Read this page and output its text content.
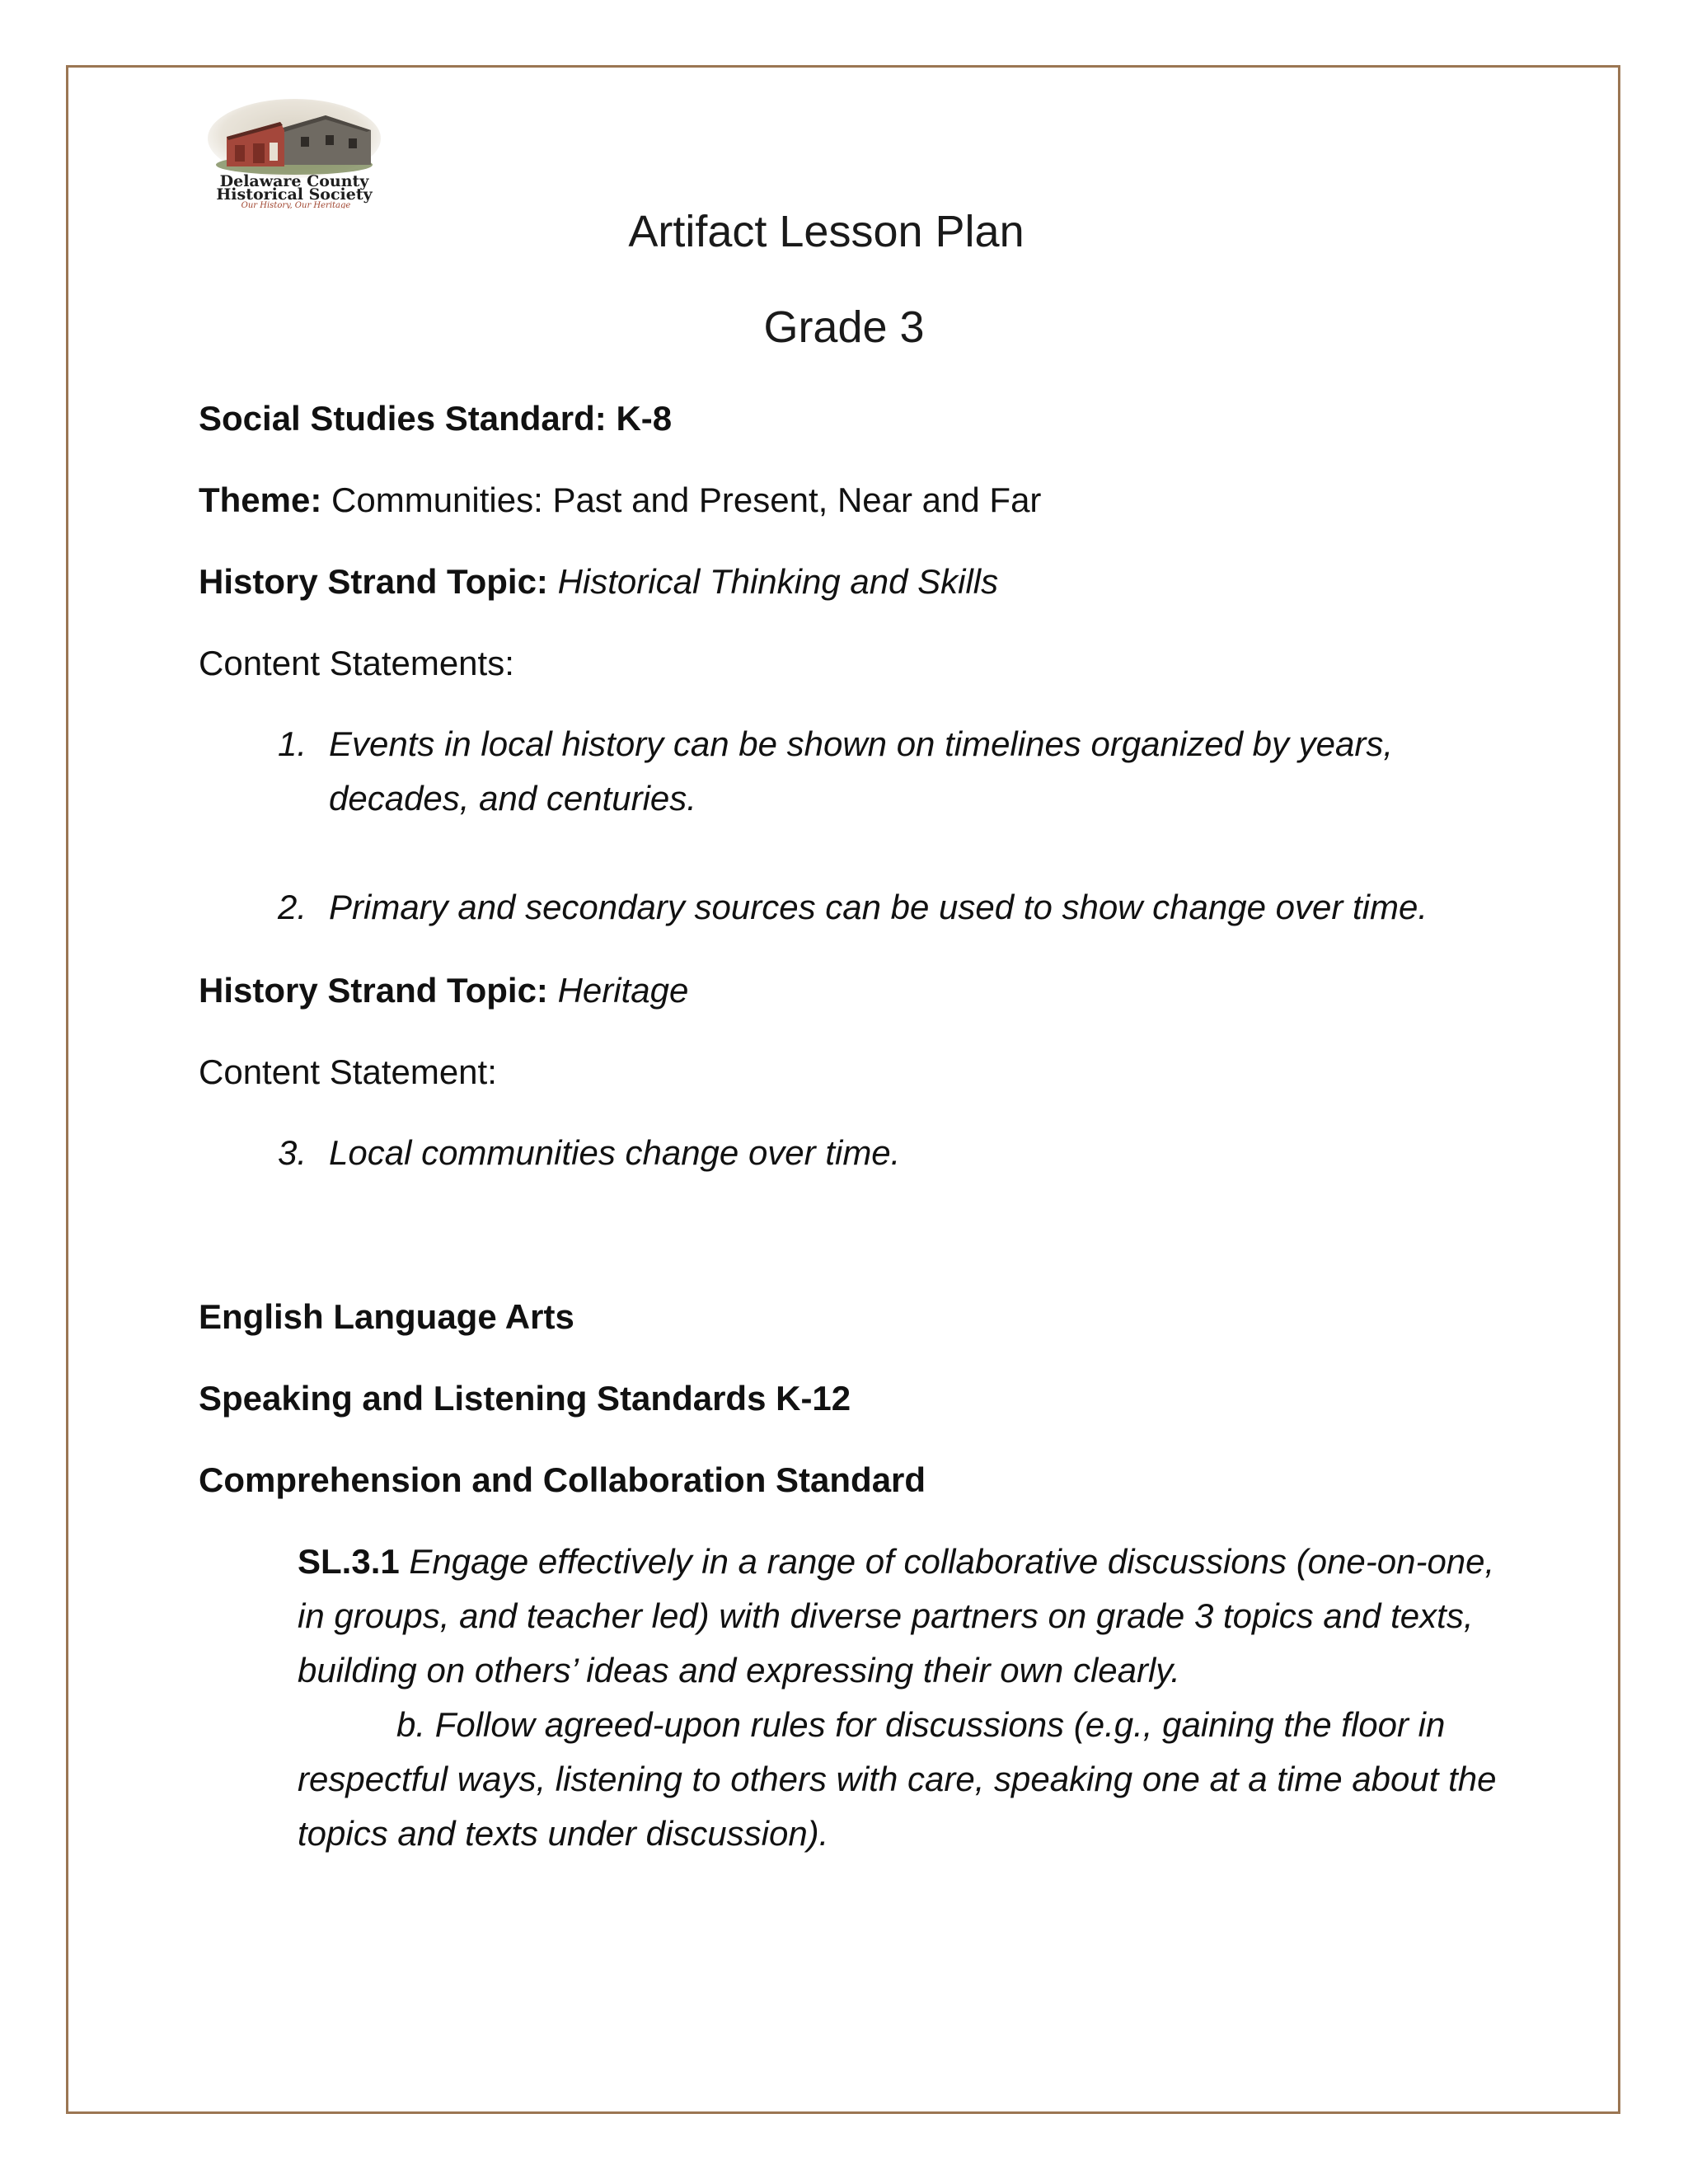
Delaware County
Historical Society
Our History, Our Heritage
Artifact Lesson Plan
Grade 3
Social Studies Standard: K-8
Theme: Communities: Past and Present, Near and Far
History Strand Topic: Historical Thinking and Skills
Content Statements:
1. Events in local history can be shown on timelines organized by years, decades, and centuries.
2. Primary and secondary sources can be used to show change over time.
History Strand Topic: Heritage
Content Statement:
3. Local communities change over time.
English Language Arts
Speaking and Listening Standards K-12
Comprehension and Collaboration Standard

SL.3.1 Engage effectively in a range of collaborative discussions (one-on-one, in groups, and teacher led) with diverse partners on grade 3 topics and texts, building on others’ ideas and expressing their own clearly.

b. Follow agreed-upon rules for discussions (e.g., gaining the floor in respectful ways, listening to others with care, speaking one at a time about the topics and texts under discussion).
